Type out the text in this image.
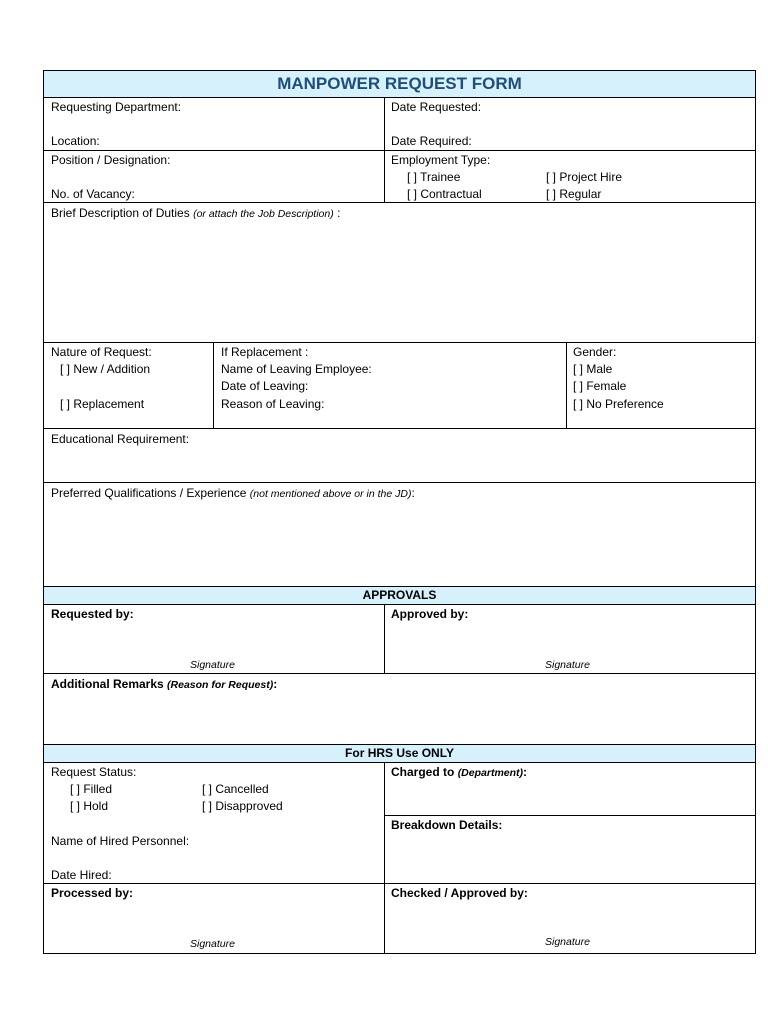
MANPOWER REQUEST FORM
Requesting Department:
Location:
Date Requested:
Date Required:
Position / Designation:
No. of Vacancy:
Employment Type:
[ ] Trainee	[ ] Project Hire
[ ] Contractual	[ ] Regular
Brief Description of Duties (or attach the Job Description) :
Nature of Request:
[ ] New / Addition
[ ] Replacement
If Replacement :
Name of Leaving Employee:
Date of Leaving:
Reason of Leaving:
Gender:
[ ] Male
[ ] Female
[ ] No Preference
Educational Requirement:
Preferred Qualifications / Experience (not mentioned above or in the JD):
APPROVALS
Requested by:
Signature
Approved by:
Signature
Additional Remarks (Reason for Request):
For HRS Use ONLY
Request Status:
[ ] Filled	[ ] Cancelled
[ ] Hold	[ ] Disapproved
Name of Hired Personnel:
Date Hired:
Charged to (Department):
Breakdown Details:
Processed by:
Signature
Checked / Approved by:
Signature
